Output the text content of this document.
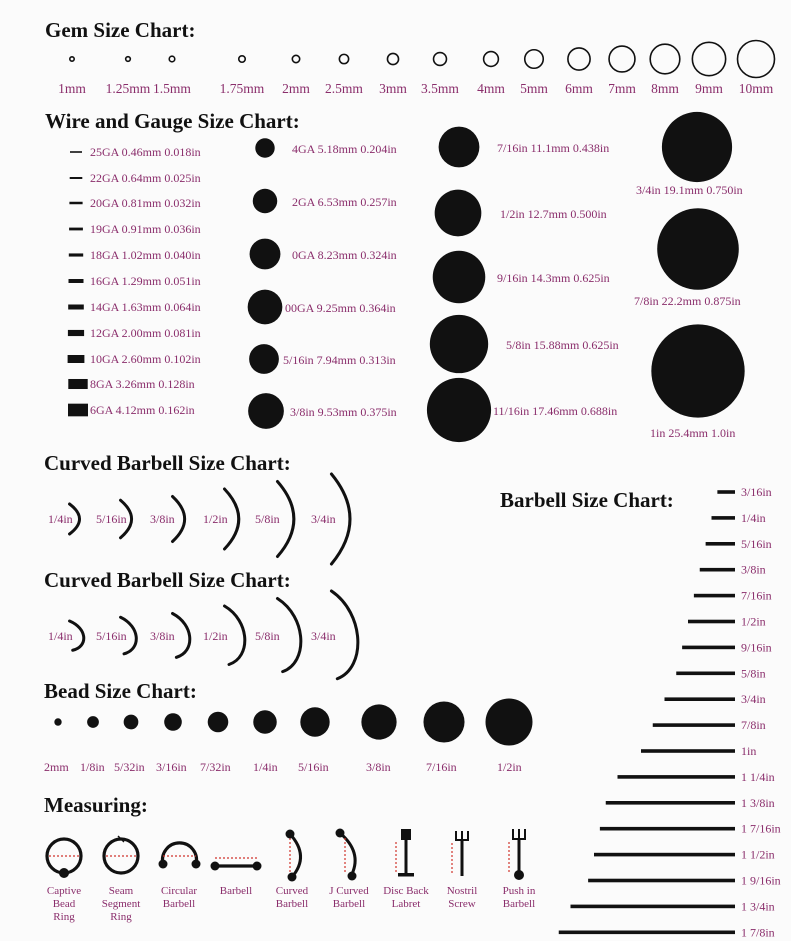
Gem Size Chart:
1mm 1.25mm 1.5mm 1.75mm 2mm 2.5mm 3mm 3.5mm 4mm 5mm 6mm 7mm 8mm 9mm 10mm
Wire and Gauge Size Chart:
25GA 0.46mm 0.018in
22GA 0.64mm 0.025in
20GA 0.81mm 0.032in
19GA 0.91mm 0.036in
18GA 1.02mm 0.040in
16GA 1.29mm 0.051in
14GA 1.63mm 0.064in
12GA 2.00mm 0.081in
10GA 2.60mm 0.102in
8GA 3.26mm 0.128in
6GA 4.12mm 0.162in
4GA 5.18mm 0.204in
2GA 6.53mm 0.257in
0GA 8.23mm 0.324in
00GA 9.25mm 0.364in
5/16in 7.94mm 0.313in
3/8in 9.53mm 0.375in
7/16in 11.1mm 0.438in
1/2in 12.7mm 0.500in
9/16in 14.3mm 0.625in
5/8in 15.88mm 0.625in
11/16in 17.46mm 0.688in
3/4in 19.1mm 0.750in
7/8in 22.2mm 0.875in
1in 25.4mm 1.0in
Curved Barbell Size Chart:
1/4in 5/16in 3/8in 1/2in 5/8in	3/4in
Curved Barbell Size Chart:
1/4in 5/16in 3/8in 1/2in 5/8in	3/4in
Bead Size Chart:
2mm 1/8in 5/32in 3/16in 7/32in 1/4in 5/16in	3/8in	7/16in	1/2in
Barbell Size Chart:	3/16in
1/4in
5/16in
3/8in
7/16in
1/2in
9/16in
5/8in
3/4in
7/8in
1in
1 1/4in
1 3/8in
1 7/16in
1 1/2in
1 9/16in
1 3/4in
1 7/8in
Measuring:
Captive
Bead
Ring
Seam
Segment
Ring
Circular
Barbell
Barbell Curved
Barbell
J Curved
Barbell
Disc Back
Labret
Nostril
Screw
Push in
Barbell
